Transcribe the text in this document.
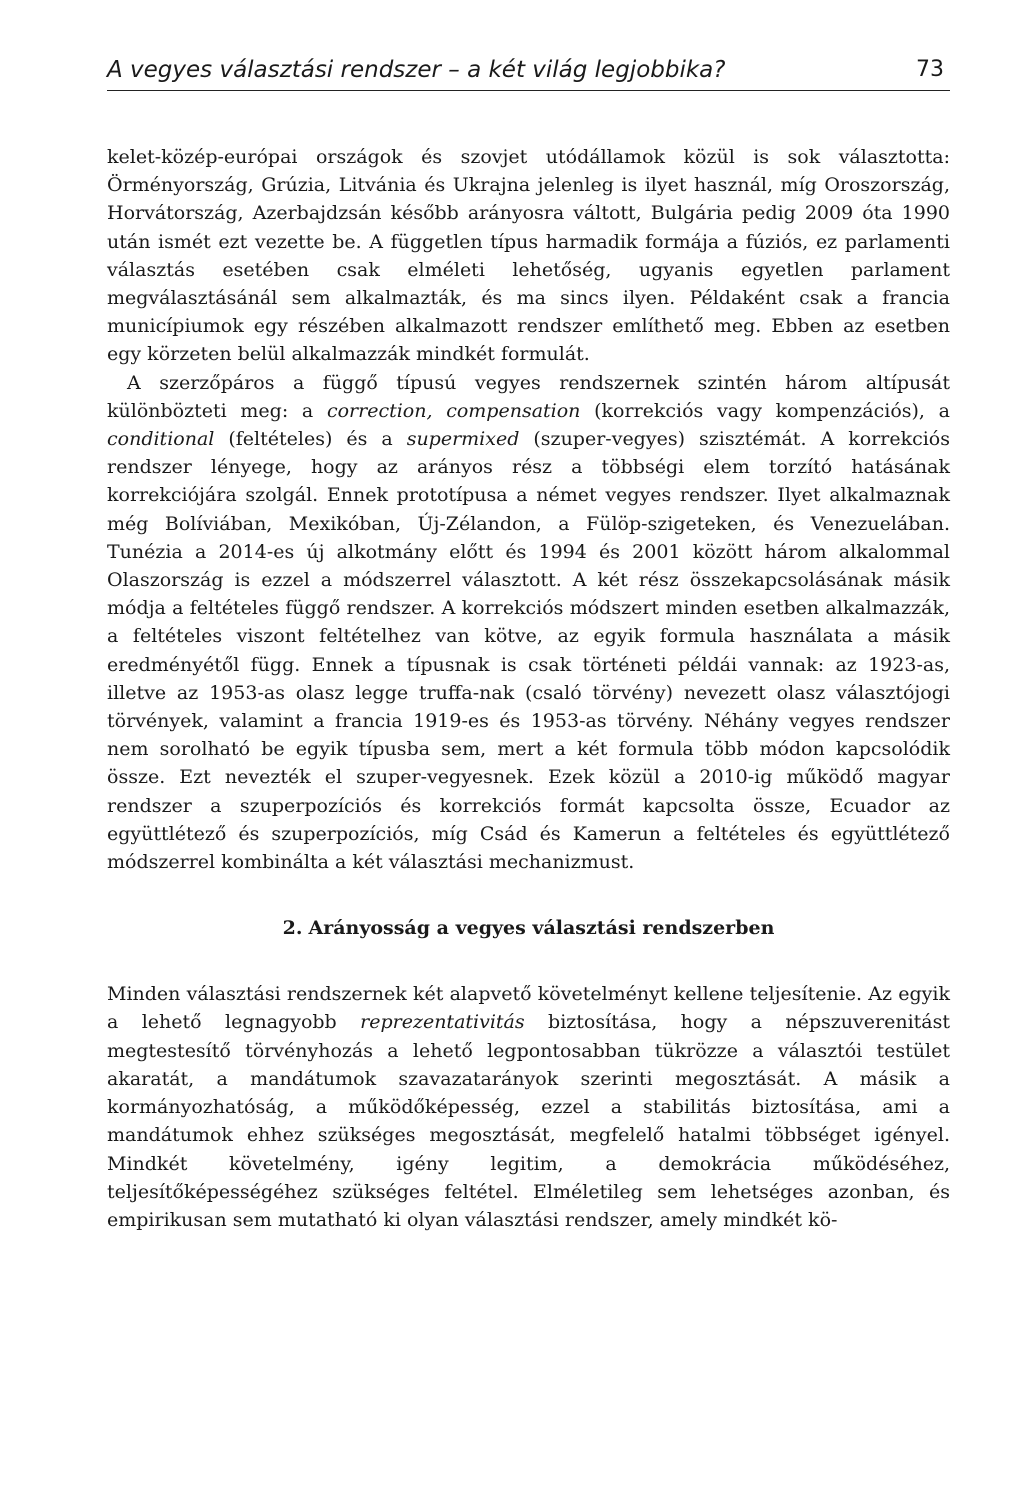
A vegyes választási rendszer – a két világ legjobbika?	73

kelet-közép-európai országok és szovjet utódállamok közül is sok választotta: Örményország, Grúzia, Litvánia és Ukrajna jelenleg is ilyet használ, míg Oroszország, Horvátország, Azerbajdzsán később arányosra váltott, Bulgária pedig 2009 óta 1990 után ismét ezt vezette be. A független típus harmadik formája a fúziós, ez parlamenti választás esetében csak elméleti lehetőség, ugyanis egyetlen parlament megválasztásánál sem alkalmazták, és ma sincs ilyen. Példaként csak a francia municípiumok egy részében alkalmazott rendszer említhető meg. Ebben az esetben egy körzeten belül alkalmazzák mindkét formulát.

A szerzőpáros a függő típusú vegyes rendszernek szintén három altípusát különbözteti meg: a correction, compensation (korrekciós vagy kompenzációs), a conditional (feltételes) és a supermixed (szuper-vegyes) szisztémát. A korrekciós rendszer lényege, hogy az arányos rész a többségi elem torzító hatásának korrekciójára szolgál. Ennek prototípusa a német vegyes rendszer. Ilyet alkalmaznak még Bolíviában, Mexikóban, Új-Zélandon, a Fülöp-szigeteken, és Venezuelában. Tunézia a 2014-es új alkotmány előtt és 1994 és 2001 között három alkalommal Olaszország is ezzel a módszerrel választott. A két rész összekapcsolásának másik módja a feltételes függő rendszer. A korrekciós módszert minden esetben alkalmazzák, a feltételes viszont feltételhez van kötve, az egyik formula használata a másik eredményétől függ. Ennek a típusnak is csak történeti példái vannak: az 1923-as, illetve az 1953-as olasz legge truffa-nak (csaló törvény) nevezett olasz választójogi törvények, valamint a francia 1919-es és 1953-as törvény. Néhány vegyes rendszer nem sorolható be egyik típusba sem, mert a két formula több módon kapcsolódik össze. Ezt nevezték el szuper-vegyesnek. Ezek közül a 2010-ig működő magyar rendszer a szuperpozíciós és korrekciós formát kapcsolta össze, Ecuador az együttlétező és szuperpozíciós, míg Csád és Kamerun a feltételes és együttlétező módszerrel kombinálta a két választási mechanizmust.

2. Arányosság a vegyes választási rendszerben

Minden választási rendszernek két alapvető követelményt kellene teljesítenie. Az egyik a lehető legnagyobb reprezentativitás biztosítása, hogy a népszuverenitást megtestesítő törvényhozás a lehető legpontosabban tükrözze a választói testület akaratát, a mandátumok szavazatarányok szerinti megosztását. A másik a kormányozhatóság, a működőképesség, ezzel a stabilitás biztosítása, ami a mandátumok ehhez szükséges megosztását, megfelelő hatalmi többséget igényel. Mindkét követelmény, igény legitim, a demokrácia működéséhez, teljesítőképességéhez szükséges feltétel. Elméletileg sem lehetséges azonban, és empirikusan sem mutatható ki olyan választási rendszer, amely mindkét kö-
